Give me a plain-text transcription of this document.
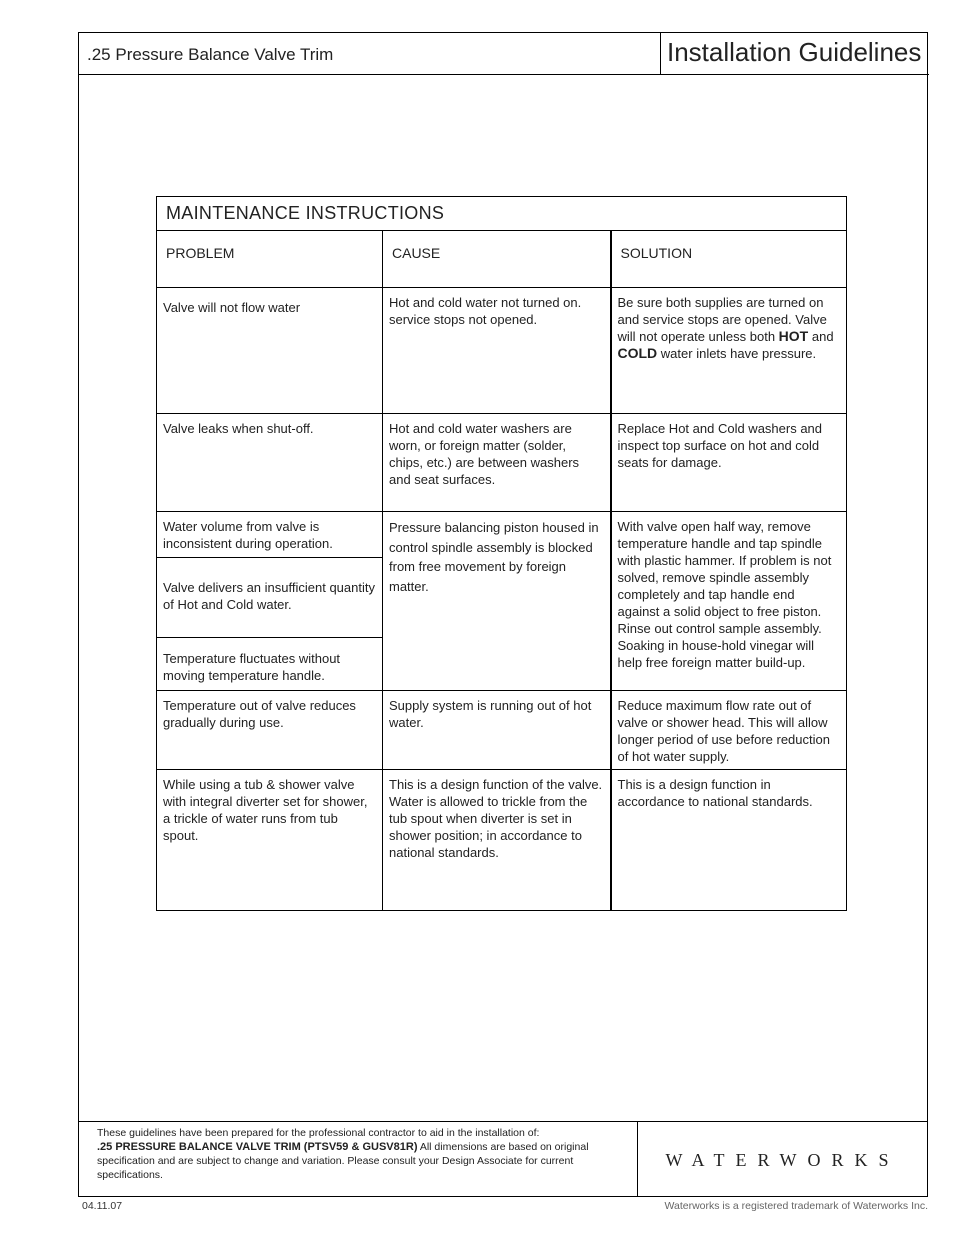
.25 Pressure Balance Valve Trim	Installation Guidelines
These guidelines have been prepared for the professional contractor to aid in the installation of:
.25 PRESSURE BALANCE VALVE TRIM (PTSV59 & GUSV81R) All dimensions are based on original specification and are subject to change and variation. Please consult your Design Associate for current specifications.
WATERWORKS
04.11.07	Waterworks is a registered trademark of Waterworks Inc.
MAINTENANCE INSTRUCTIONS		
PROBLEM	CAUSE	SOLUTION
Valve will not flow water	Hot and cold water not turned on. service stops not opened.	Be sure both supplies are turned on and service stops are opened. Valve will not operate unless both HOT and COLD water inlets have pressure.
Valve leaks when shut-off.	Hot and cold water washers are worn, or foreign matter (solder, chips, etc.) are between washers and seat surfaces.	Replace Hot and Cold washers and inspect top surface on hot and cold seats for damage.
Water volume from valve is inconsistent during operation.	Pressure balancing piston housed in control spindle assembly is blocked from free movement by foreign matter.	With valve open half way, remove temperature handle and tap spindle with plastic hammer. If problem is not solved, remove spindle assembly completely and tap handle end against a solid object to free piston. Rinse out control sample assembly. Soaking in house-hold vinegar will help free foreign matter build-up.
Valve delivers an insufficient quantity of Hot and Cold water.		
Temperature fluctuates without moving temperature handle.		
Temperature out of valve reduces gradually during use.	Supply system is running out of hot water.	Reduce maximum flow rate out of valve or shower head. This will allow longer period of use before reduction of hot water supply.
While using a tub & shower valve with integral diverter set for shower, a trickle of water runs from tub spout.	This is a design function of the valve. Water is allowed to trickle from the tub spout when diverter is set in shower position; in accordance to national standards.	This is a design function in accordance to national standards.
